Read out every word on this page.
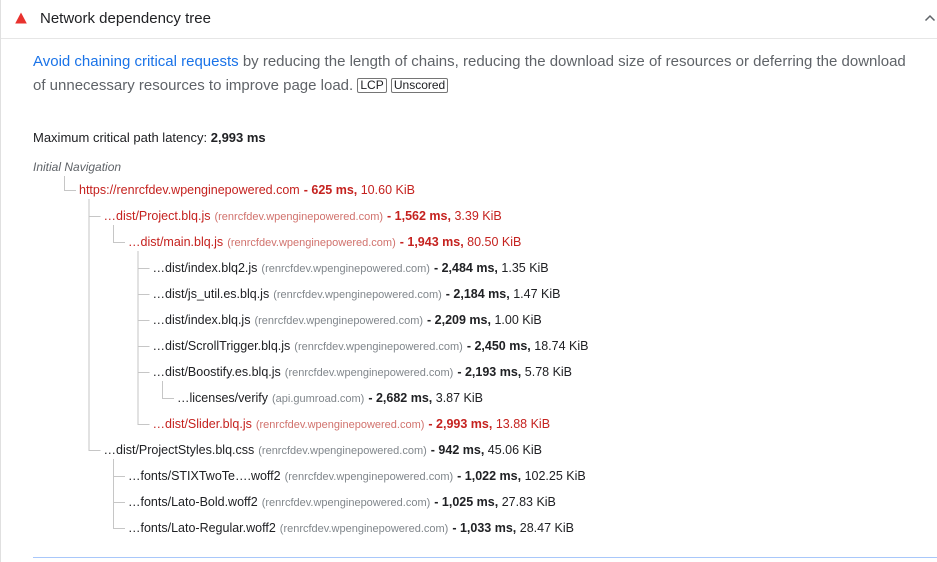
Network dependency tree
Avoid chaining critical requests by reducing the length of chains, reducing the download size of resources or deferring the download of unnecessary resources to improve page load. LCP Unscored
Maximum critical path latency: 2,993 ms
Initial Navigation
https://renrcfdev.wpenginepowered.com - 625 ms, 10.60 KiB
…dist/Project.blq.js (renrcfdev.wpenginepowered.com) - 1,562 ms, 3.39 KiB
…dist/main.blq.js (renrcfdev.wpenginepowered.com) - 1,943 ms, 80.50 KiB
…dist/index.blq2.js (renrcfdev.wpenginepowered.com) - 2,484 ms, 1.35 KiB
…dist/js_util.es.blq.js (renrcfdev.wpenginepowered.com) - 2,184 ms, 1.47 KiB
…dist/index.blq.js (renrcfdev.wpenginepowered.com) - 2,209 ms, 1.00 KiB
…dist/ScrollTrigger.blq.js (renrcfdev.wpenginepowered.com) - 2,450 ms, 18.74 KiB
…dist/Boostify.es.blq.js (renrcfdev.wpenginepowered.com) - 2,193 ms, 5.78 KiB
…licenses/verify (api.gumroad.com) - 2,682 ms, 3.87 KiB
…dist/Slider.blq.js (renrcfdev.wpenginepowered.com) - 2,993 ms, 13.88 KiB
…dist/ProjectStyles.blq.css (renrcfdev.wpenginepowered.com) - 942 ms, 45.06 KiB
…fonts/STIXTwoTe….woff2 (renrcfdev.wpenginepowered.com) - 1,022 ms, 102.25 KiB
…fonts/Lato-Bold.woff2 (renrcfdev.wpenginepowered.com) - 1,025 ms, 27.83 KiB
…fonts/Lato-Regular.woff2 (renrcfdev.wpenginepowered.com) - 1,033 ms, 28.47 KiB
